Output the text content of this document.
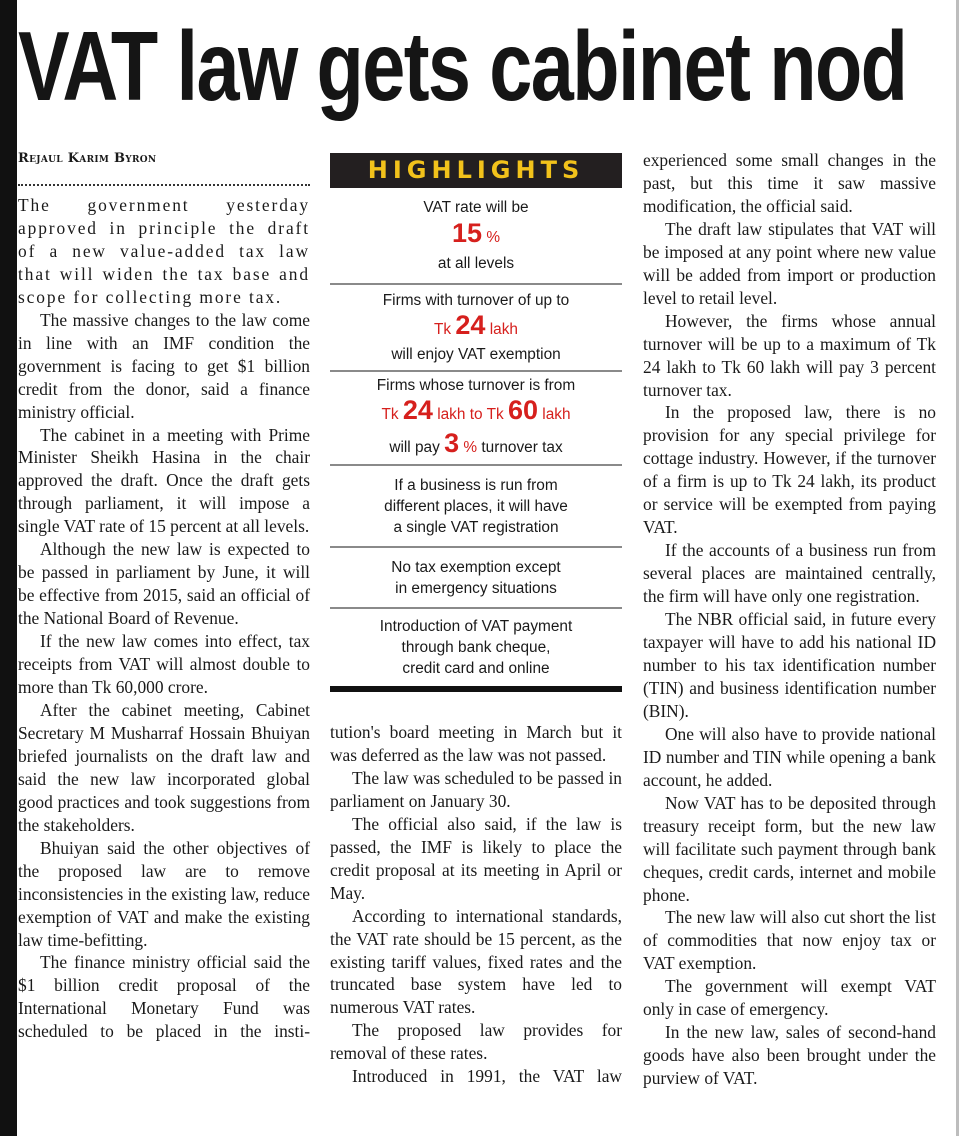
VAT law gets cabinet nod
Rejaul Karim Byron

The government yesterday approved in principle the draft of a new value-added tax law that will widen the tax base and scope for collecting more tax.

The massive changes to the law come in line with an IMF condition the government is facing to get $1 billion credit from the donor, said a finance ministry official.

The cabinet in a meeting with Prime Minister Sheikh Hasina in the chair approved the draft. Once the draft gets through parliament, it will impose a single VAT rate of 15 percent at all levels.

Although the new law is expected to be passed in parliament by June, it will be effective from 2015, said an official of the National Board of Revenue.

If the new law comes into effect, tax receipts from VAT will almost double to more than Tk 60,000 crore.

After the cabinet meeting, Cabinet Secretary M Musharraf Hossain Bhuiyan briefed journalists on the draft law and said the new law incorporated global good practices and took suggestions from the stakeholders.

Bhuiyan said the other objectives of the proposed law are to remove inconsistencies in the existing law, reduce exemption of VAT and make the existing law time-befitting.

The finance ministry official said the $1 billion credit proposal of the International Monetary Fund was scheduled to be placed in the insti-

HIGHLIGHTS
VAT rate will be
15 %
at all levels
Firms with turnover of up to
Tk 24 lakh
will enjoy VAT exemption
Firms whose turnover is from
Tk 24 lakh to Tk 60 lakh
will pay 3 % turnover tax
If a business is run from
different places, it will have
a single VAT registration
No tax exemption except
in emergency situations
Introduction of VAT payment
through bank cheque,
credit card and online

tution's board meeting in March but it was deferred as the law was not passed.

The law was scheduled to be passed in parliament on January 30.

The official also said, if the law is passed, the IMF is likely to place the credit proposal at its meeting in April or May.

According to international standards, the VAT rate should be 15 percent, as the existing tariff values, fixed rates and the truncated base system have led to numerous VAT rates.

The proposed law provides for removal of these rates.

Introduced in 1991, the VAT law

experienced some small changes in the past, but this time it saw massive modification, the official said.

The draft law stipulates that VAT will be imposed at any point where new value will be added from import or production level to retail level.

However, the firms whose annual turnover will be up to a maximum of Tk 24 lakh to Tk 60 lakh will pay 3 percent turnover tax.

In the proposed law, there is no provision for any special privilege for cottage industry. However, if the turnover of a firm is up to Tk 24 lakh, its product or service will be exempted from paying VAT.

If the accounts of a business run from several places are maintained centrally, the firm will have only one registration.

The NBR official said, in future every taxpayer will have to add his national ID number to his tax identification number (TIN) and business identification number (BIN).

One will also have to provide national ID number and TIN while opening a bank account, he added.

Now VAT has to be deposited through treasury receipt form, but the new law will facilitate such payment through bank cheques, credit cards, internet and mobile phone.

The new law will also cut short the list of commodities that now enjoy tax or VAT exemption.

The government will exempt VAT only in case of emergency.

In the new law, sales of second-hand goods have also been brought under the purview of VAT.
